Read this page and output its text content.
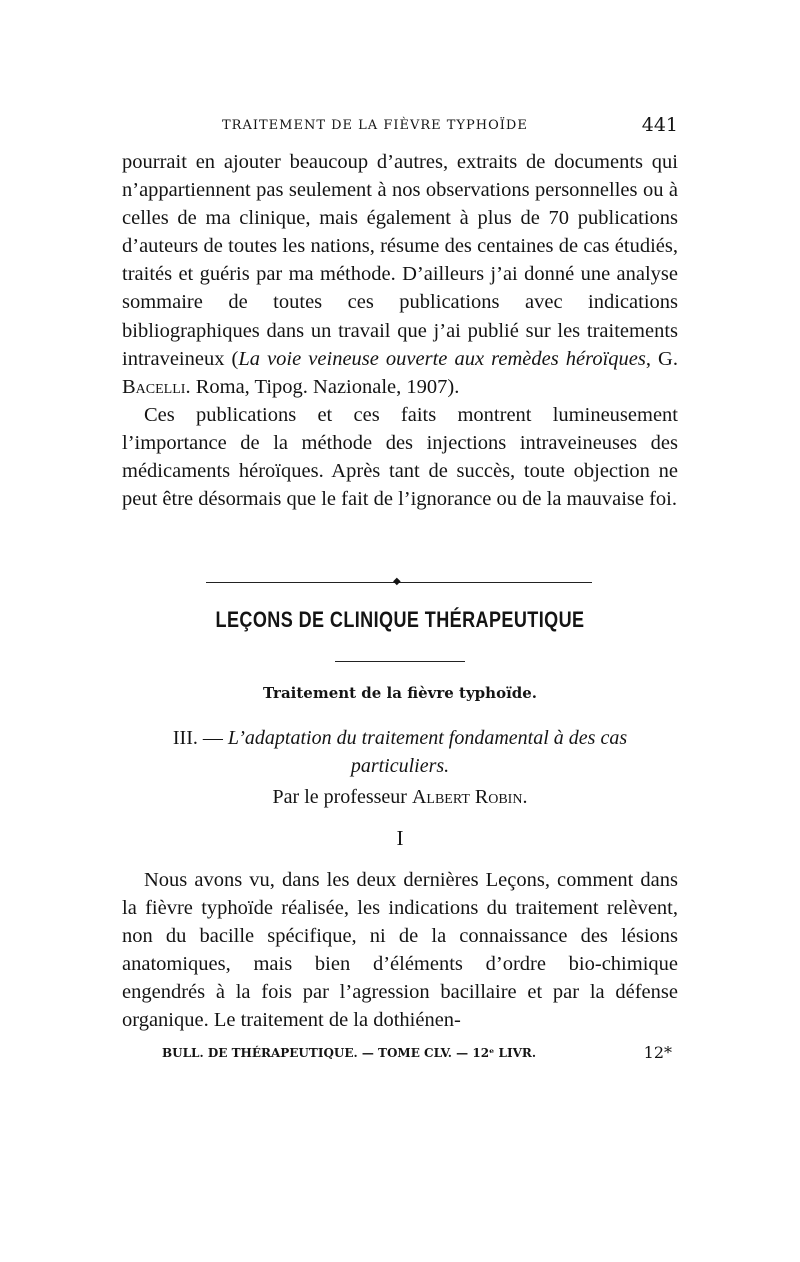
TRAITEMENT DE LA FIÈVRE TYPHOÏDE	441

pourrait en ajouter beaucoup d’autres, extraits de documents qui n’appartiennent pas seulement à nos observations personnelles ou à celles de ma clinique, mais également à plus de 70 publications d’auteurs de toutes les nations, résume des centaines de cas étudiés, traités et guéris par ma méthode. D’ailleurs j’ai donné une analyse sommaire de toutes ces publications avec indications bibliographiques dans un travail que j’ai publié sur les traitements intraveineux (La voie veineuse ouverte aux remèdes héroïques, G. Bacelli. Roma, Tipog. Nazionale, 1907).

Ces publications et ces faits montrent lumineusement l’importance de la méthode des injections intraveineuses des médicaments héroïques. Après tant de succès, toute objection ne peut être désormais que le fait de l’ignorance ou de la mauvaise foi.

◆
LEÇONS DE CLINIQUE THÉRAPEUTIQUE
Traitement de la fièvre typhoïde.
III. — L’adaptation du traitement fondamental à des cas particuliers.
Par le professeur Albert Robin.
I

Nous avons vu, dans les deux dernières Leçons, comment dans la fièvre typhoïde réalisée, les indications du traitement relèvent, non du bacille spécifique, ni de la connaissance des lésions anatomiques, mais bien d’éléments d’ordre bio-chimique engendrés à la fois par l’agression bacillaire et par la défense organique. Le traitement de la dothiénen-

BULL. DE THÉRAPEUTIQUE. — TOME CLV. — 12ᵉ LIVR.	12*
